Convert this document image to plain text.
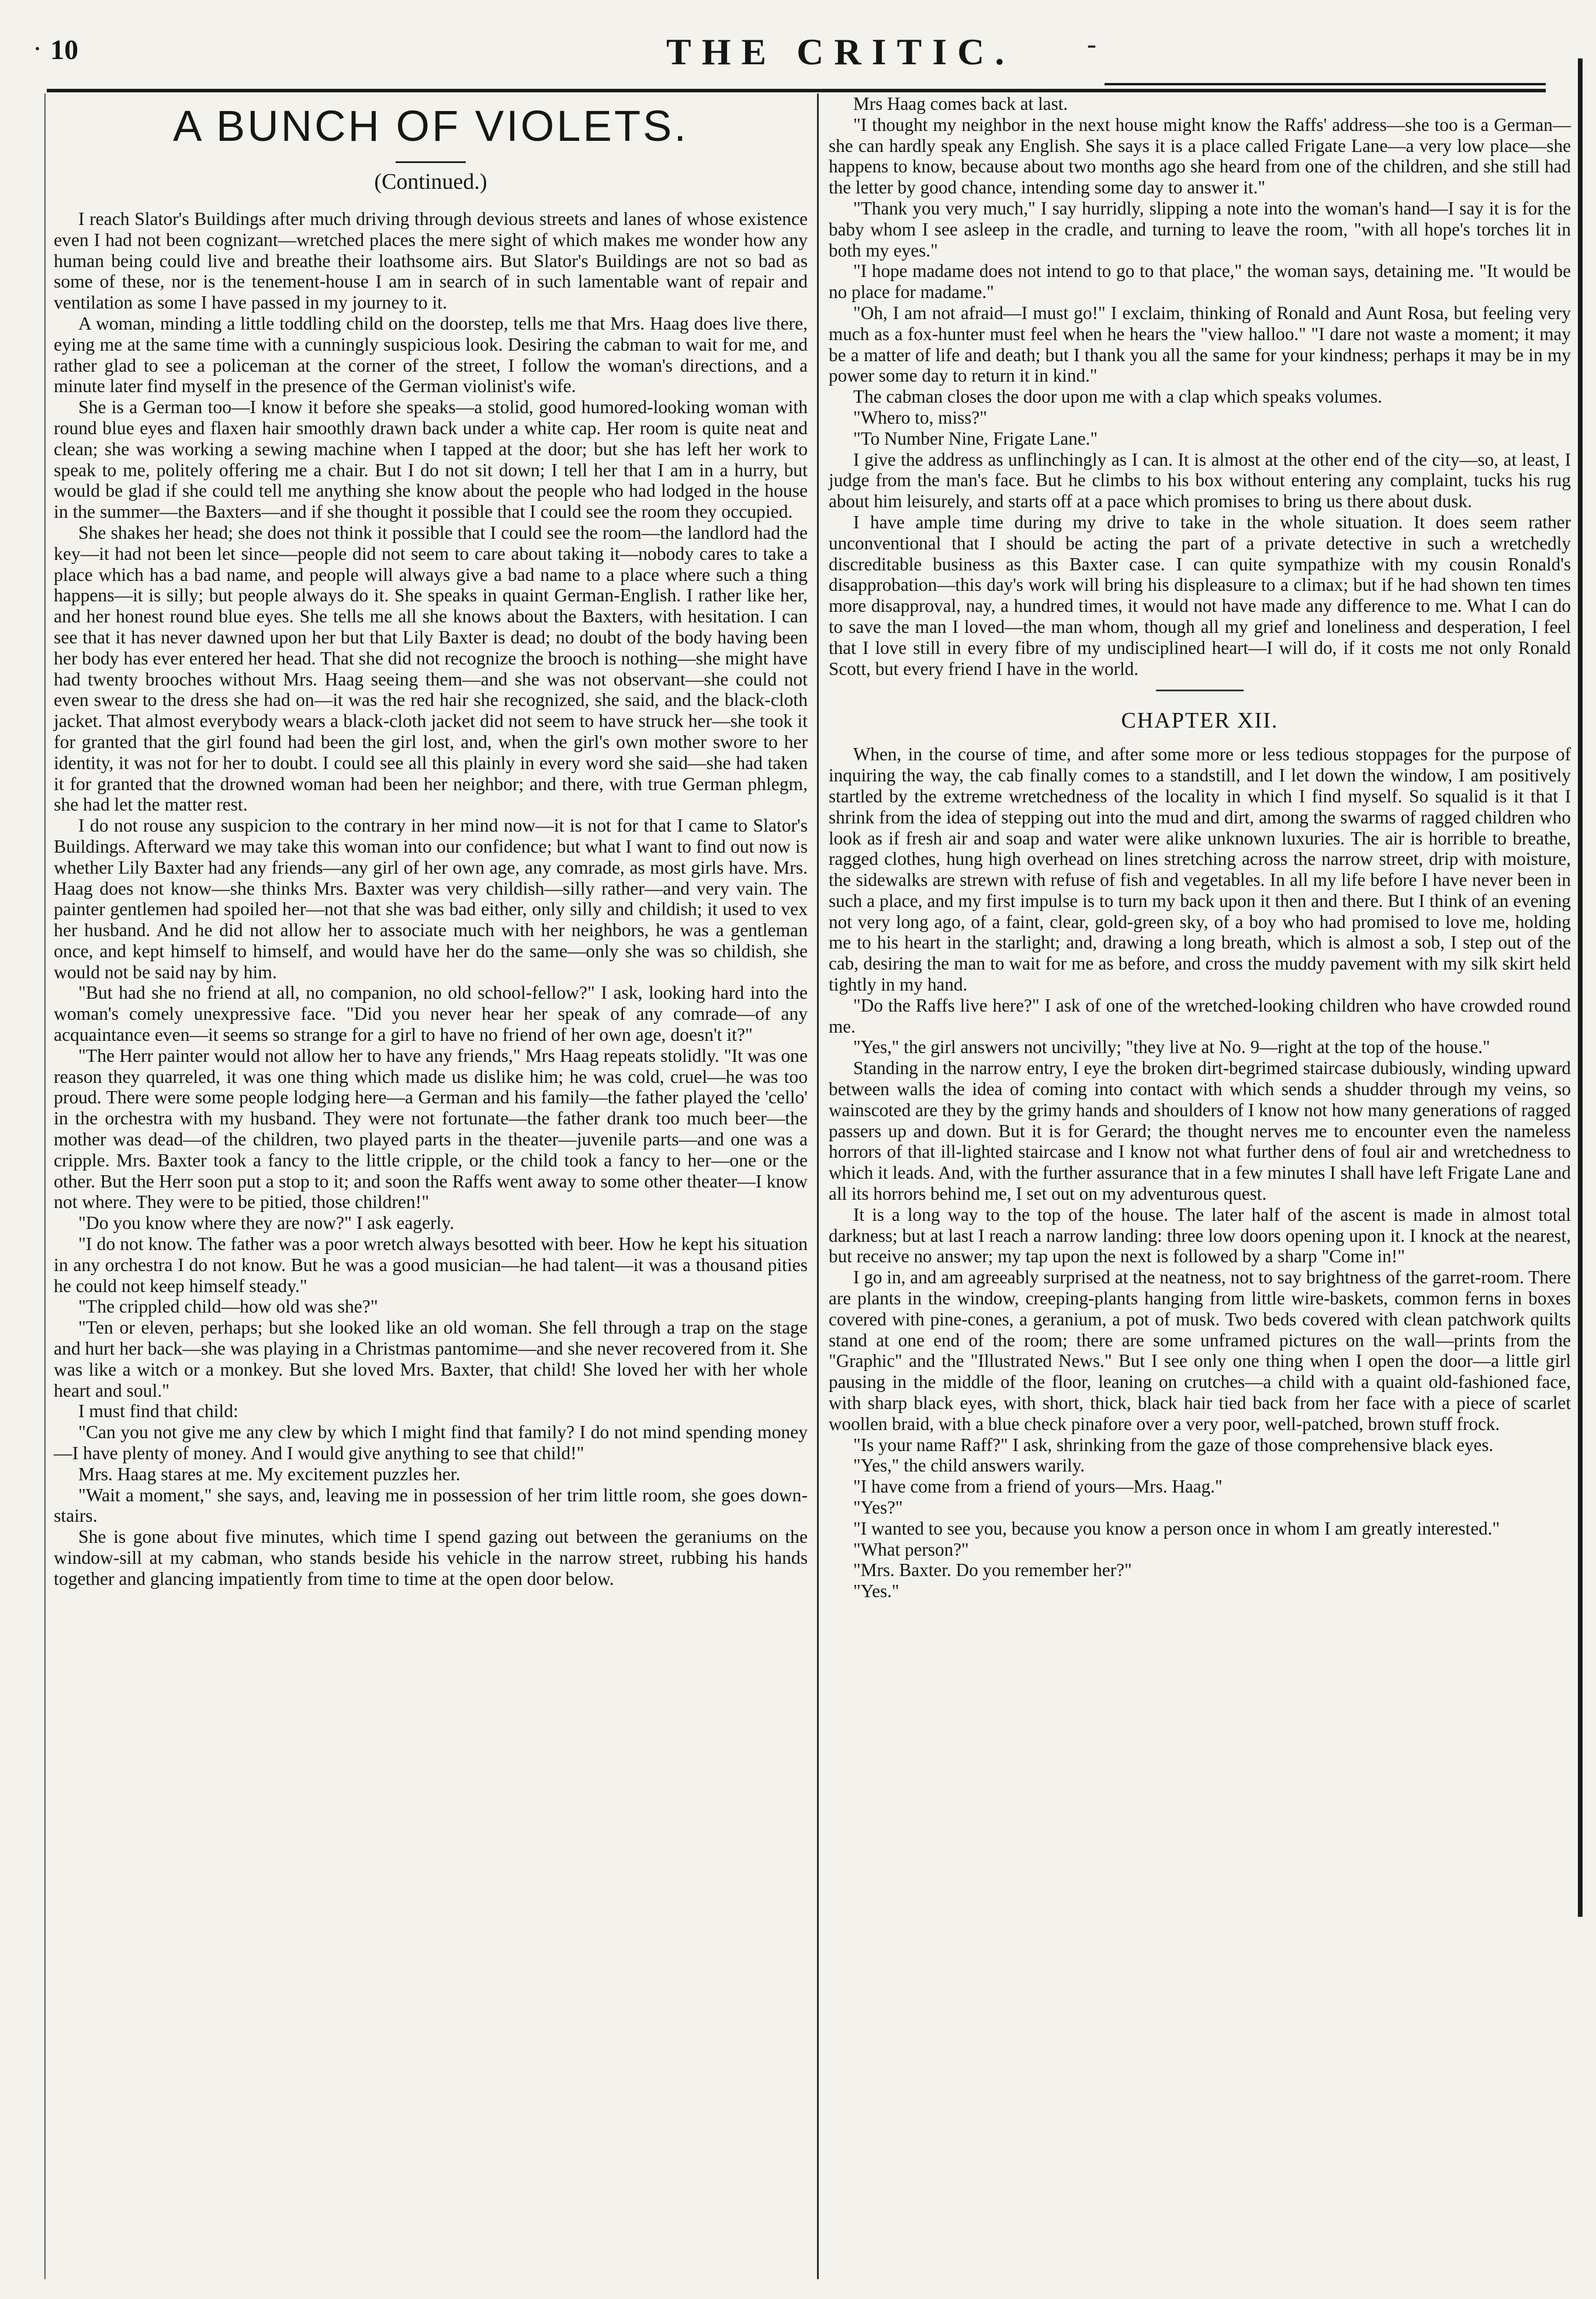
· 10	THE CRITIC.	-
A BUNCH OF VIOLETS.
(Continued.)

I reach Slator's Buildings after much driving through devious streets and lanes of whose existence even I had not been cognizant—wretched places the mere sight of which makes me wonder how any human being could live and breathe their loathsome airs. But Slator's Buildings are not so bad as some of these, nor is the tenement-house I am in search of in such lamentable want of repair and ventilation as some I have passed in my journey to it.

A woman, minding a little toddling child on the doorstep, tells me that Mrs. Haag does live there, eying me at the same time with a cunningly suspicious look. Desiring the cabman to wait for me, and rather glad to see a policeman at the corner of the street, I follow the woman's directions, and a minute later find myself in the presence of the German violinist's wife.

She is a German too—I know it before she speaks—a stolid, good humored-looking woman with round blue eyes and flaxen hair smoothly drawn back under a white cap. Her room is quite neat and clean; she was working a sewing machine when I tapped at the door; but she has left her work to speak to me, politely offering me a chair. But I do not sit down; I tell her that I am in a hurry, but would be glad if she could tell me anything she know about the people who had lodged in the house in the summer—the Baxters—and if she thought it possible that I could see the room they occupied.

She shakes her head; she does not think it possible that I could see the room—the landlord had the key—it had not been let since—people did not seem to care about taking it—nobody cares to take a place which has a bad name, and people will always give a bad name to a place where such a thing happens—it is silly; but people always do it. She speaks in quaint German-English. I rather like her, and her honest round blue eyes. She tells me all she knows about the Baxters, with hesitation. I can see that it has never dawned upon her but that Lily Baxter is dead; no doubt of the body having been her body has ever entered her head. That she did not recognize the brooch is nothing—she might have had twenty brooches without Mrs. Haag seeing them—and she was not observant—she could not even swear to the dress she had on—it was the red hair she recognized, she said, and the black-cloth jacket. That almost everybody wears a black-cloth jacket did not seem to have struck her—she took it for granted that the girl found had been the girl lost, and, when the girl's own mother swore to her identity, it was not for her to doubt. I could see all this plainly in every word she said—she had taken it for granted that the drowned woman had been her neighbor; and there, with true German phlegm, she had let the matter rest.

I do not rouse any suspicion to the contrary in her mind now—it is not for that I came to Slator's Buildings. Afterward we may take this woman into our confidence; but what I want to find out now is whether Lily Baxter had any friends—any girl of her own age, any comrade, as most girls have. Mrs. Haag does not know—she thinks Mrs. Baxter was very childish—silly rather—and very vain. The painter gentlemen had spoiled her—not that she was bad either, only silly and childish; it used to vex her husband. And he did not allow her to associate much with her neighbors, he was a gentleman once, and kept himself to himself, and would have her do the same—only she was so childish, she would not be said nay by him.

"But had she no friend at all, no companion, no old school-fellow?" I ask, looking hard into the woman's comely unexpressive face. "Did you never hear her speak of any comrade—of any acquaintance even—it seems so strange for a girl to have no friend of her own age, doesn't it?"

"The Herr painter would not allow her to have any friends," Mrs Haag repeats stolidly. "It was one reason they quarreled, it was one thing which made us dislike him; he was cold, cruel—he was too proud. There were some people lodging here—a German and his family—the father played the 'cello' in the orchestra with my husband. They were not fortunate—the father drank too much beer—the mother was dead—of the children, two played parts in the theater—juvenile parts—and one was a cripple. Mrs. Baxter took a fancy to the little cripple, or the child took a fancy to her—one or the other. But the Herr soon put a stop to it; and soon the Raffs went away to some other theater—I know not where. They were to be pitied, those children!"

"Do you know where they are now?" I ask eagerly.

"I do not know. The father was a poor wretch always besotted with beer. How he kept his situation in any orchestra I do not know. But he was a good musician—he had talent—it was a thousand pities he could not keep himself steady."

"The crippled child—how old was she?"

"Ten or eleven, perhaps; but she looked like an old woman. She fell through a trap on the stage and hurt her back—she was playing in a Christmas pantomime—and she never recovered from it. She was like a witch or a monkey. But she loved Mrs. Baxter, that child! She loved her with her whole heart and soul."

I must find that child:

"Can you not give me any clew by which I might find that family? I do not mind spending money—I have plenty of money. And I would give anything to see that child!"

Mrs. Haag stares at me. My excitement puzzles her.

"Wait a moment," she says, and, leaving me in possession of her trim little room, she goes down-stairs.

She is gone about five minutes, which time I spend gazing out between the geraniums on the window-sill at my cabman, who stands beside his vehicle in the narrow street, rubbing his hands together and glancing impatiently from time to time at the open door below.

Mrs Haag comes back at last.

"I thought my neighbor in the next house might know the Raffs' address—she too is a German—she can hardly speak any English. She says it is a place called Frigate Lane—a very low place—she happens to know, because about two months ago she heard from one of the children, and she still had the letter by good chance, intending some day to answer it."

"Thank you very much," I say hurridly, slipping a note into the woman's hand—I say it is for the baby whom I see asleep in the cradle, and turning to leave the room, "with all hope's torches lit in both my eyes."

"I hope madame does not intend to go to that place," the woman says, detaining me. "It would be no place for madame."

"Oh, I am not afraid—I must go!" I exclaim, thinking of Ronald and Aunt Rosa, but feeling very much as a fox-hunter must feel when he hears the "view halloo." "I dare not waste a moment; it may be a matter of life and death; but I thank you all the same for your kindness; perhaps it may be in my power some day to return it in kind."

The cabman closes the door upon me with a clap which speaks volumes.

"Whero to, miss?"

"To Number Nine, Frigate Lane."

I give the address as unflinchingly as I can. It is almost at the other end of the city—so, at least, I judge from the man's face. But he climbs to his box without entering any complaint, tucks his rug about him leisurely, and starts off at a pace which promises to bring us there about dusk.

I have ample time during my drive to take in the whole situation. It does seem rather unconventional that I should be acting the part of a private detective in such a wretchedly discreditable business as this Baxter case. I can quite sympathize with my cousin Ronald's disapprobation—this day's work will bring his displeasure to a climax; but if he had shown ten times more disapproval, nay, a hundred times, it would not have made any difference to me. What I can do to save the man I loved—the man whom, though all my grief and loneliness and desperation, I feel that I love still in every fibre of my undisciplined heart—I will do, if it costs me not only Ronald Scott, but every friend I have in the world.

CHAPTER XII.

When, in the course of time, and after some more or less tedious stoppages for the purpose of inquiring the way, the cab finally comes to a standstill, and I let down the window, I am positively startled by the extreme wretchedness of the locality in which I find myself. So squalid is it that I shrink from the idea of stepping out into the mud and dirt, among the swarms of ragged children who look as if fresh air and soap and water were alike unknown luxuries. The air is horrible to breathe, ragged clothes, hung high overhead on lines stretching across the narrow street, drip with moisture, the sidewalks are strewn with refuse of fish and vegetables. In all my life before I have never been in such a place, and my first impulse is to turn my back upon it then and there. But I think of an evening not very long ago, of a faint, clear, gold-green sky, of a boy who had promised to love me, holding me to his heart in the starlight; and, drawing a long breath, which is almost a sob, I step out of the cab, desiring the man to wait for me as before, and cross the muddy pavement with my silk skirt held tightly in my hand.

"Do the Raffs live here?" I ask of one of the wretched-looking children who have crowded round me.

"Yes," the girl answers not uncivilly; "they live at No. 9—right at the top of the house."

Standing in the narrow entry, I eye the broken dirt-begrimed staircase dubiously, winding upward between walls the idea of coming into contact with which sends a shudder through my veins, so wainscoted are they by the grimy hands and shoulders of I know not how many generations of ragged passers up and down. But it is for Gerard; the thought nerves me to encounter even the nameless horrors of that ill-lighted staircase and I know not what further dens of foul air and wretchedness to which it leads. And, with the further assurance that in a few minutes I shall have left Frigate Lane and all its horrors behind me, I set out on my adventurous quest.

It is a long way to the top of the house. The later half of the ascent is made in almost total darkness; but at last I reach a narrow landing: three low doors opening upon it. I knock at the nearest, but receive no answer; my tap upon the next is followed by a sharp "Come in!"

I go in, and am agreeably surprised at the neatness, not to say brightness of the garret-room. There are plants in the window, creeping-plants hanging from little wire-baskets, common ferns in boxes covered with pine-cones, a geranium, a pot of musk. Two beds covered with clean patchwork quilts stand at one end of the room; there are some unframed pictures on the wall—prints from the "Graphic" and the "Illustrated News." But I see only one thing when I open the door—a little girl pausing in the middle of the floor, leaning on crutches—a child with a quaint old-fashioned face, with sharp black eyes, with short, thick, black hair tied back from her face with a piece of scarlet woollen braid, with a blue check pinafore over a very poor, well-patched, brown stuff frock.

"Is your name Raff?" I ask, shrinking from the gaze of those comprehensive black eyes.

"Yes," the child answers warily.

"I have come from a friend of yours—Mrs. Haag."

"Yes?"

"I wanted to see you, because you know a person once in whom I am greatly interested."

"What person?"

"Mrs. Baxter. Do you remember her?"

"Yes."
